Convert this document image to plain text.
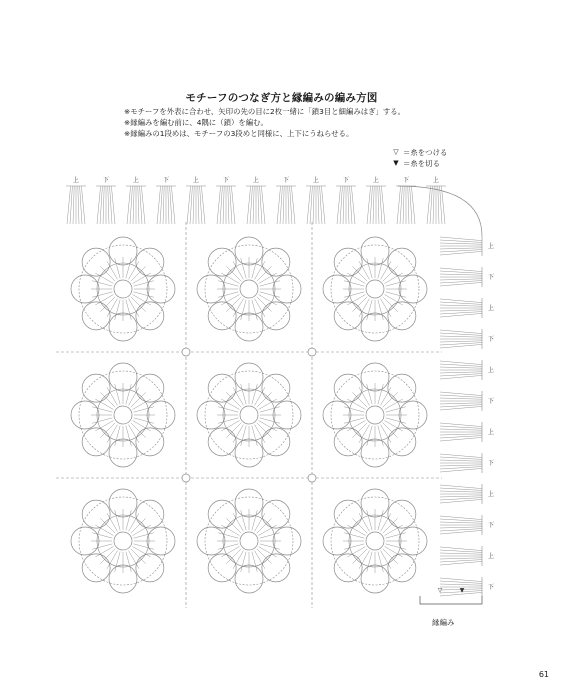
モチーフのつなぎ方と縁編みの編み方図
※モチーフを外表に合わせ、矢印の先の目に2枚一緒に「鎖3目と細編みはぎ」する。
※縁編みを編む前に、4隅に（鎖）を編む。
※縁編みの1段めは、モチーフの3段めと同様に、上下にうねらせる。
▽ ＝糸をつける
▼ ＝糸を切る
上	下	上	下	上	下	上	下	上	下	上	下	上
上
下
上
下
上
下
上
下
上
下
上
下
▽	▼
縁編み
61
